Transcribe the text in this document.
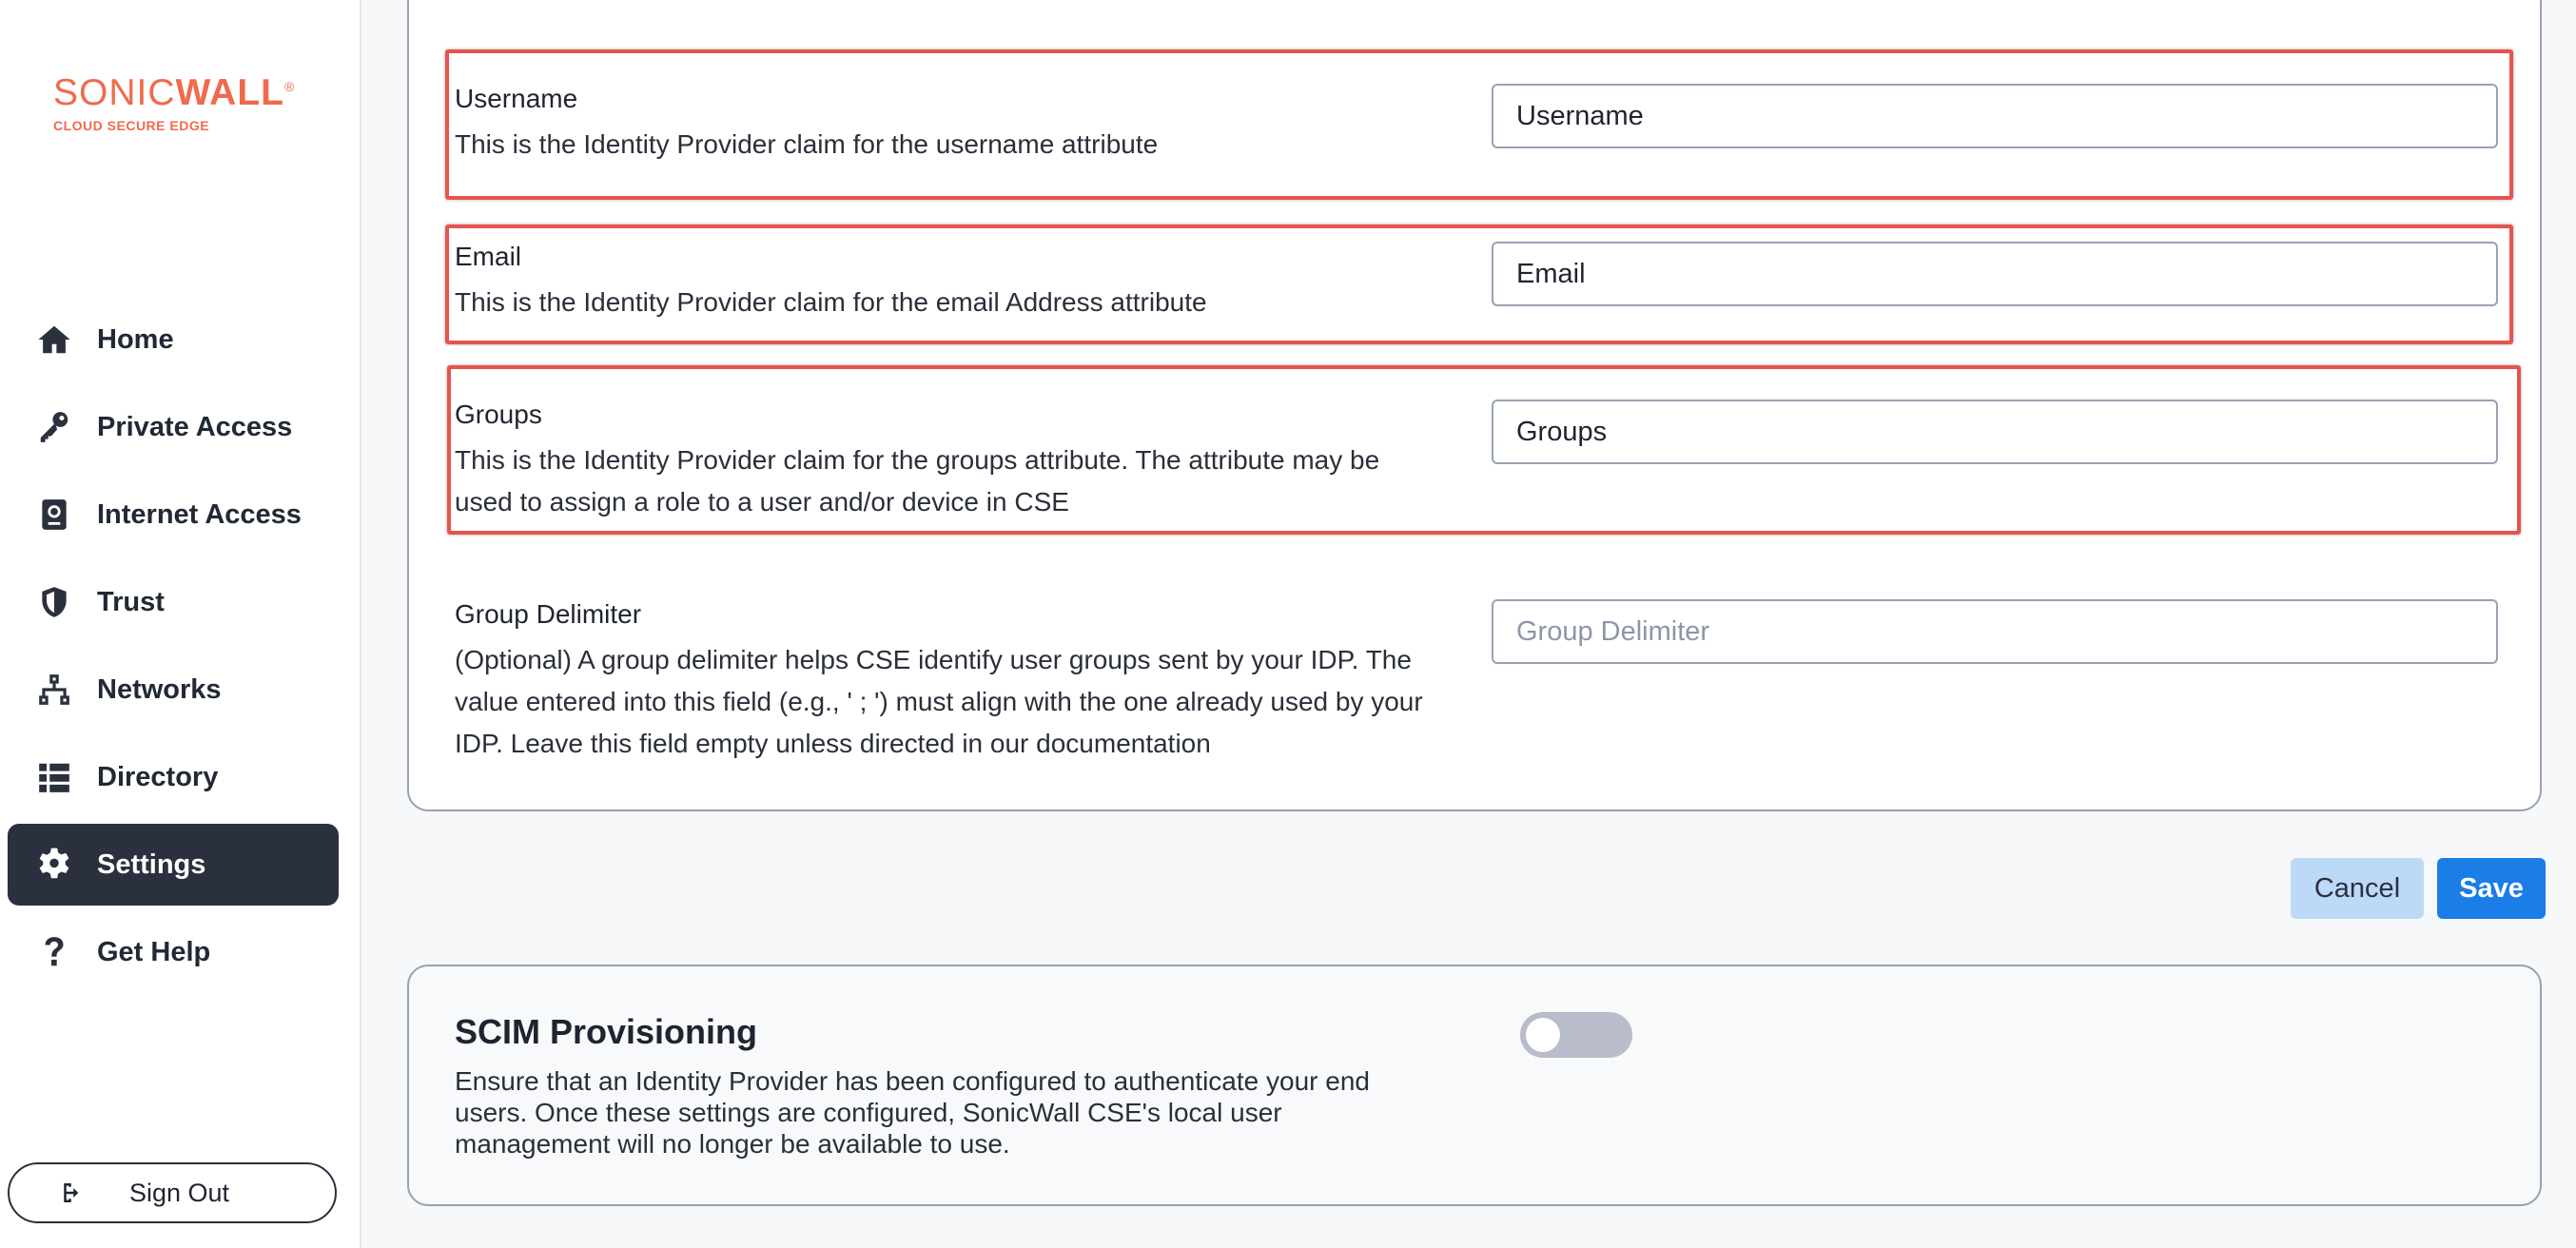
SONICWALL®
CLOUD SECURE EDGE
Home
Private Access
Internet Access
Trust
Networks
Directory
Settings
Get Help
Sign Out
Username
This is the Identity Provider claim for the username attribute
Username
Email
This is the Identity Provider claim for the email Address attribute
Email
Groups
This is the Identity Provider claim for the groups attribute. The attribute may be used to assign a role to a user and/or device in CSE
Groups
Group Delimiter
(Optional) A group delimiter helps CSE identify user groups sent by your IDP. The value entered into this field (e.g., ' ; ') must align with the one already used by your IDP. Leave this field empty unless directed in our documentation
Group Delimiter
Cancel	Save
SCIM Provisioning
Ensure that an Identity Provider has been configured to authenticate your end users. Once these settings are configured, SonicWall CSE's local user management will no longer be available to use.
